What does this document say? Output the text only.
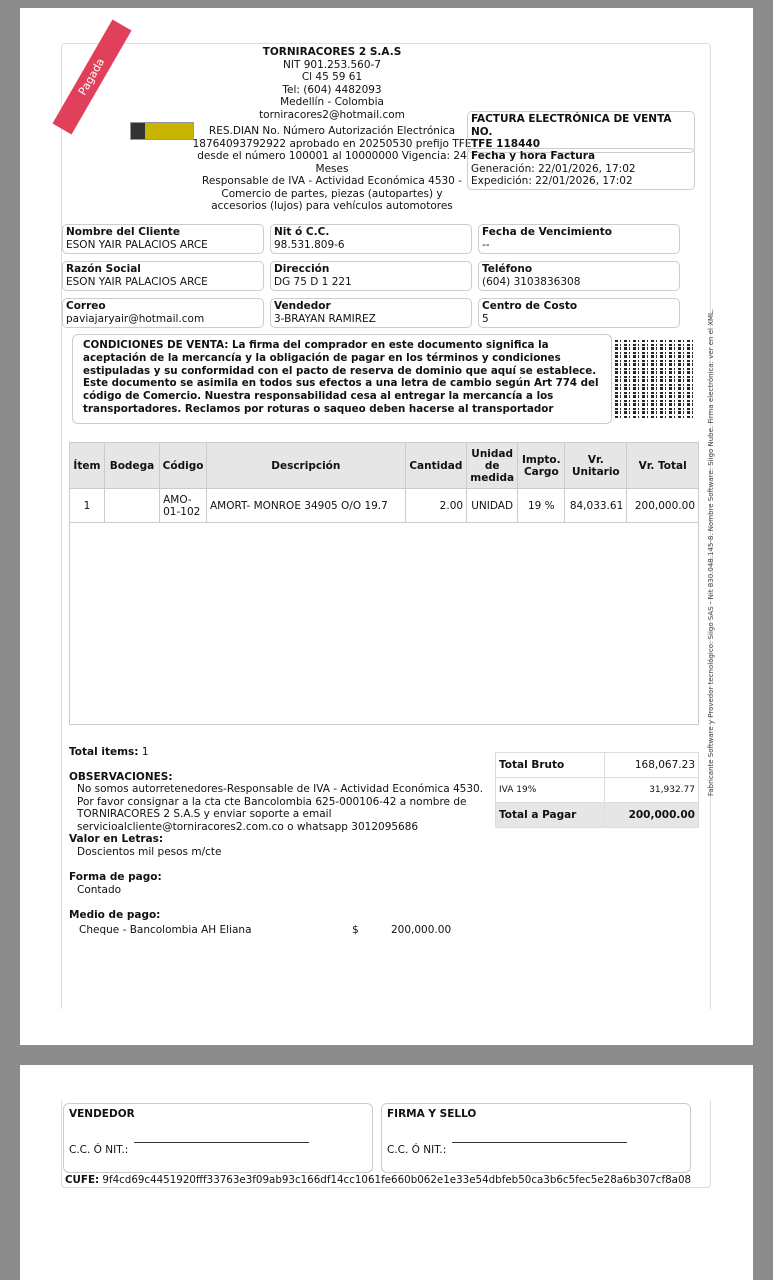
Pagada
TORNIRACORES 2 S.A.S
NIT 901.253.560-7
Cl 45 59 61
Tel: (604) 4482093
Medellín - Colombia
torniracores2@hotmail.com
RES.DIAN No. Número Autorización Electrónica 18764093792922 aprobado en 20250530 prefijo TFE desde el número 100001 al 10000000 Vigencia: 24 Meses
Responsable de IVA - Actividad Económica 4530 - Comercio de partes, piezas (autopartes) y accesorios (lujos) para vehículos automotores
FACTURA ELECTRÓNICA DE VENTA NO.
TFE 118440
Fecha y hora Factura
Generación: 22/01/2026, 17:02
Expedición: 22/01/2026, 17:02
Nombre del Cliente
ESON YAIR PALACIOS ARCE
Nit ó C.C.
98.531.809-6
Fecha de Vencimiento
--
Razón Social
ESON YAIR PALACIOS ARCE
Dirección
DG 75 D 1 221
Teléfono
(604) 3103836308
Correo
paviajaryair@hotmail.com
Vendedor
3-BRAYAN RAMIREZ
Centro de Costo
5
CONDICIONES DE VENTA: La firma del comprador en este documento significa la aceptación de la mercancía y la obligación de pagar en los términos y condiciones estipuladas y su conformidad con el pacto de reserva de dominio que aquí se establece. Este documento se asimila en todos sus efectos a una letra de cambio según Art 774 del código de Comercio. Nuestra responsabilidad cesa al entregar la mercancía a los transportadores. Reclamos por roturas o saqueo deben hacerse al transportador
Ítem	Bodega	Código	Descripción	Cantidad	Unidad de medida	Impto. Cargo	Vr. Unitario	Vr. Total
1		AMO-01-102	AMORT- MONROE 34905 O/O 19.7	2.00	UNIDAD	19 %	84,033.61	200,000.00 Fabricante Software y Provedor tecnológico: Siigo SAS - Nit 830.048.145-8. Nombre Software: Siigo Nube. Firma electrónica: ver en el XML.
Total items: 1
OBSERVACIONES:
No somos autorretenedores-Responsable de IVA - Actividad Económica 4530. Por favor consignar a la cta cte Bancolombia 625-000106-42 a nombre de TORNIRACORES 2 S.A.S y enviar soporte a email servicioalcliente@torniracores2.com.co o whatsapp 3012095686
Valor en Letras:
Doscientos mil pesos m/cte
Forma de pago:
Contado
Medio de pago:
Cheque - Bancolombia AH Eliana	$	200,000.00
Total Bruto	168,067.23
IVA 19%	31,932.77
Total a Pagar	200,000.00
VENDEDOR
C.C. Ó NIT.:
FIRMA Y SELLO
C.C. Ó NIT.:
CUFE: 9f4cd69c4451920fff33763e3f09ab93c166df14cc1061fe660b062e1e33e54dbfeb50ca3b6c5fec5e28a6b307cf8a08
